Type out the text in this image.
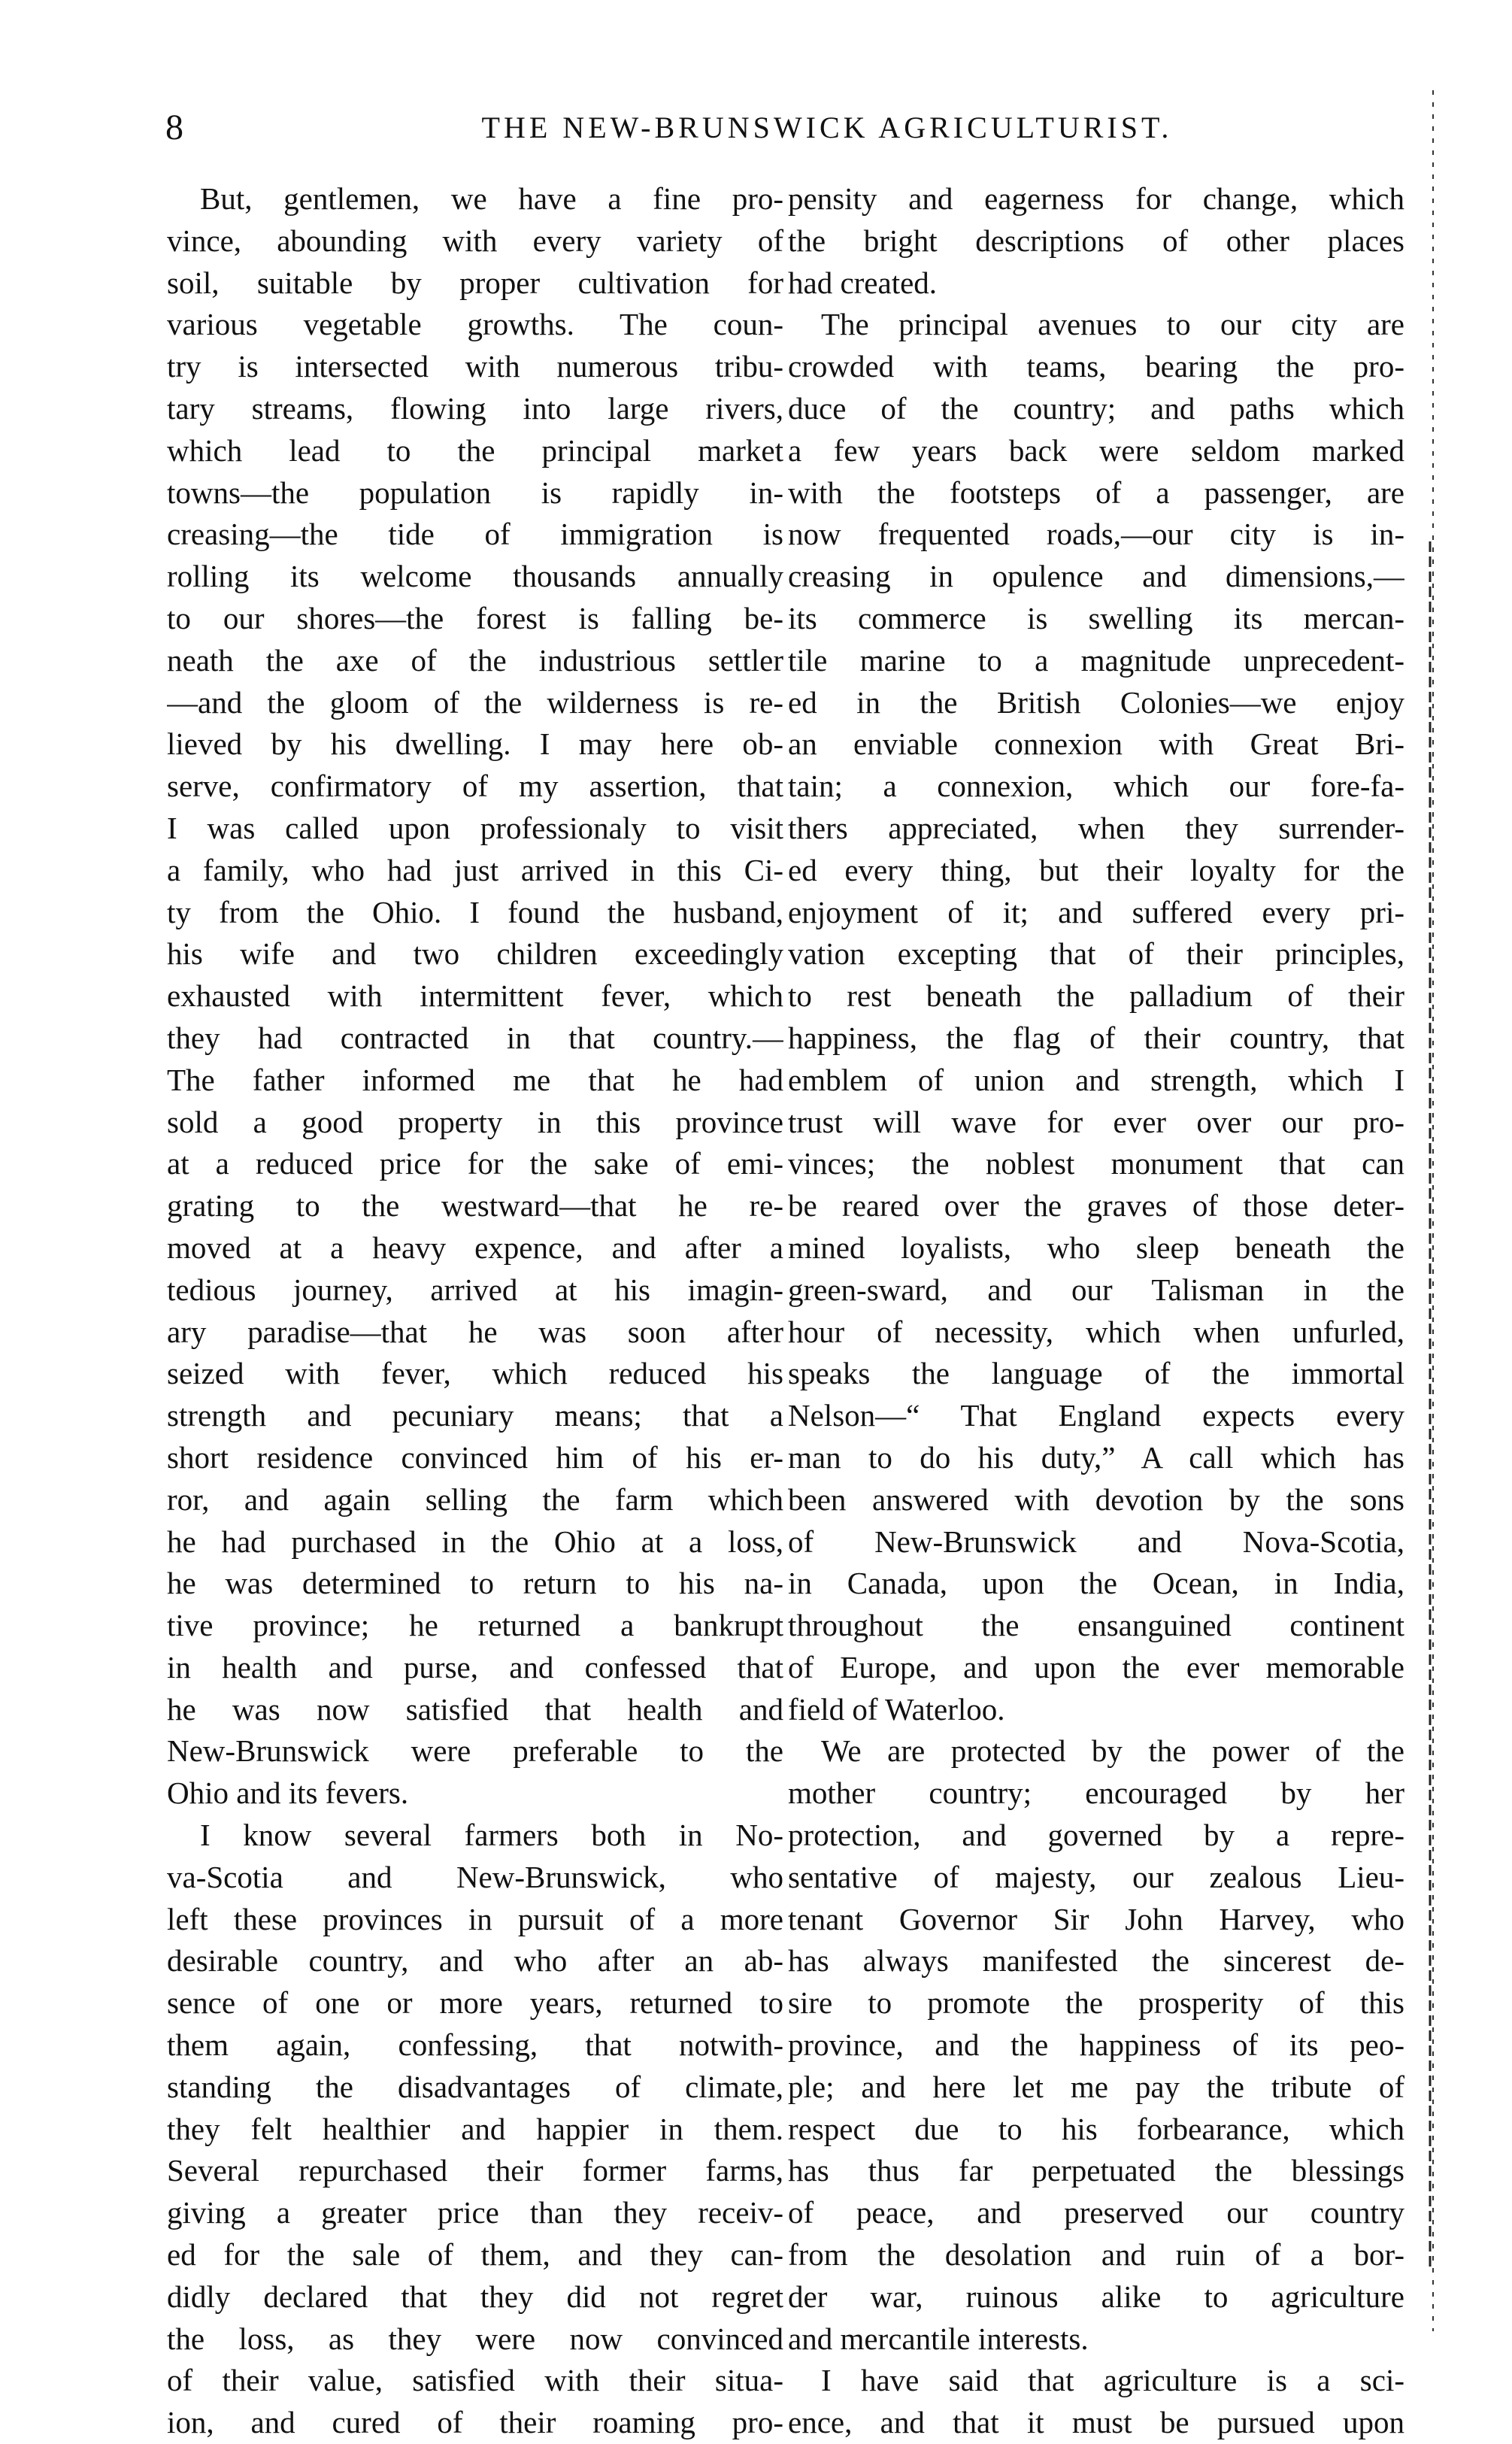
8	THE NEW-BRUNSWICK AGRICULTURIST.
But, gentlemen, we have a fine pro-
vince, abounding with every variety of
soil, suitable by proper cultivation for
various vegetable growths. The coun-
try is intersected with numerous tribu-
tary streams, flowing into large rivers,
which lead to the principal market
towns—the population is rapidly in-
creasing—the tide of immigration is
rolling its welcome thousands annually
to our shores—the forest is falling be-
neath the axe of the industrious settler
—and the gloom of the wilderness is re-
lieved by his dwelling. I may here ob-
serve, confirmatory of my assertion, that
I was called upon professionaly to visit
a family, who had just arrived in this Ci-
ty from the Ohio. I found the husband,
his wife and two children exceedingly
exhausted with intermittent fever, which
they had contracted in that country.—
The father informed me that he had
sold a good property in this province
at a reduced price for the sake of emi-
grating to the westward—that he re-
moved at a heavy expence, and after a
tedious journey, arrived at his imagin-
ary paradise—that he was soon after
seized with fever, which reduced his
strength and pecuniary means; that a
short residence convinced him of his er-
ror, and again selling the farm which
he had purchased in the Ohio at a loss,
he was determined to return to his na-
tive province; he returned a bankrupt
in health and purse, and confessed that
he was now satisfied that health and
New-Brunswick were preferable to the
Ohio and its fevers.
I know several farmers both in No-
va-Scotia and New-Brunswick, who
left these provinces in pursuit of a more
desirable country, and who after an ab-
sence of one or more years, returned to
them again, confessing, that notwith-
standing the disadvantages of climate,
they felt healthier and happier in them.
Several repurchased their former farms,
giving a greater price than they receiv-
ed for the sale of them, and they can-
didly declared that they did not regret
the loss, as they were now convinced
of their value, satisfied with their situa-
ion, and cured of their roaming pro-
pensity and eagerness for change, which
the bright descriptions of other places
had created.
The principal avenues to our city are
crowded with teams, bearing the pro-
duce of the country; and paths which
a few years back were seldom marked
with the footsteps of a passenger, are
now frequented roads,—our city is in-
creasing in opulence and dimensions,—
its commerce is swelling its mercan-
tile marine to a magnitude unprecedent-
ed in the British Colonies—we enjoy
an enviable connexion with Great Bri-
tain; a connexion, which our fore-fa-
thers appreciated, when they surrender-
ed every thing, but their loyalty for the
enjoyment of it; and suffered every pri-
vation excepting that of their principles,
to rest beneath the palladium of their
happiness, the flag of their country, that
emblem of union and strength, which I
trust will wave for ever over our pro-
vinces; the noblest monument that can
be reared over the graves of those deter-
mined loyalists, who sleep beneath the
green-sward, and our Talisman in the
hour of necessity, which when unfurled,
speaks the language of the immortal
Nelson—“ That England expects every
man to do his duty,” A call which has
been answered with devotion by the sons
of New-Brunswick and Nova-Scotia,
in Canada, upon the Ocean, in India,
throughout the ensanguined continent
of Europe, and upon the ever memorable
field of Waterloo.
We are protected by the power of the
mother country; encouraged by her
protection, and governed by a repre-
sentative of majesty, our zealous Lieu-
tenant Governor Sir John Harvey, who
has always manifested the sincerest de-
sire to promote the prosperity of this
province, and the happiness of its peo-
ple; and here let me pay the tribute of
respect due to his forbearance, which
has thus far perpetuated the blessings
of peace, and preserved our country
from the desolation and ruin of a bor-
der war, ruinous alike to agriculture
and mercantile interests.
I have said that agriculture is a sci-
ence, and that it must be pursued upon
